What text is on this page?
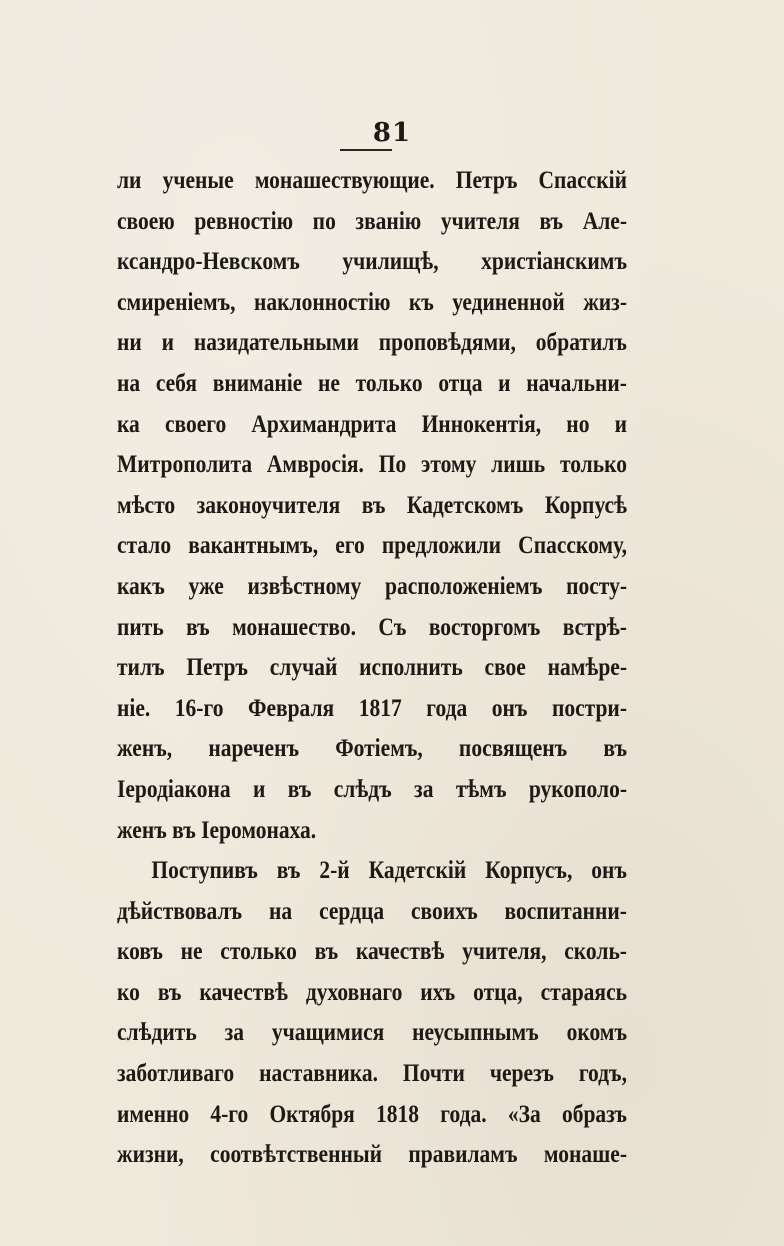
81
ли ученые монашествующие. Петръ Спасскій
своею ревностію по званію учителя въ Але-
ксандро-Невскомъ училищѣ, христіанскимъ
смиреніемъ, наклонностію къ уединенной жиз-
ни и назидательными проповѣдями, обратилъ
на себя вниманіе не только отца и начальни-
ка своего Архимандрита Иннокентія, но и
Митрополита Амвросія. По этому лишь только
мѣсто законоучителя въ Кадетскомъ Корпусѣ
стало вакантнымъ, его предложили Спасскому,
какъ уже извѣстному расположеніемъ посту-
пить въ монашество. Съ восторгомъ встрѣ-
тилъ Петръ случай исполнить свое намѣре-
ніе. 16-го Февраля 1817 года онъ постри-
женъ, нареченъ Фотіемъ, посвященъ въ
Іеродіакона и въ слѣдъ за тѣмъ рукополо-
женъ въ Іеромонаха.
Поступивъ въ 2-й Кадетскій Корпусъ, онъ
дѣйствовалъ на сердца своихъ воспитанни-
ковъ не столько въ качествѣ учителя, сколь-
ко въ качествѣ духовнаго ихъ отца, стараясь
слѣдить за учащимися неусыпнымъ окомъ
заботливаго наставника. Почти черезъ годъ,
именно 4-го Октября 1818 года. «За образъ
жизни, соотвѣтственный правиламъ монаше-
